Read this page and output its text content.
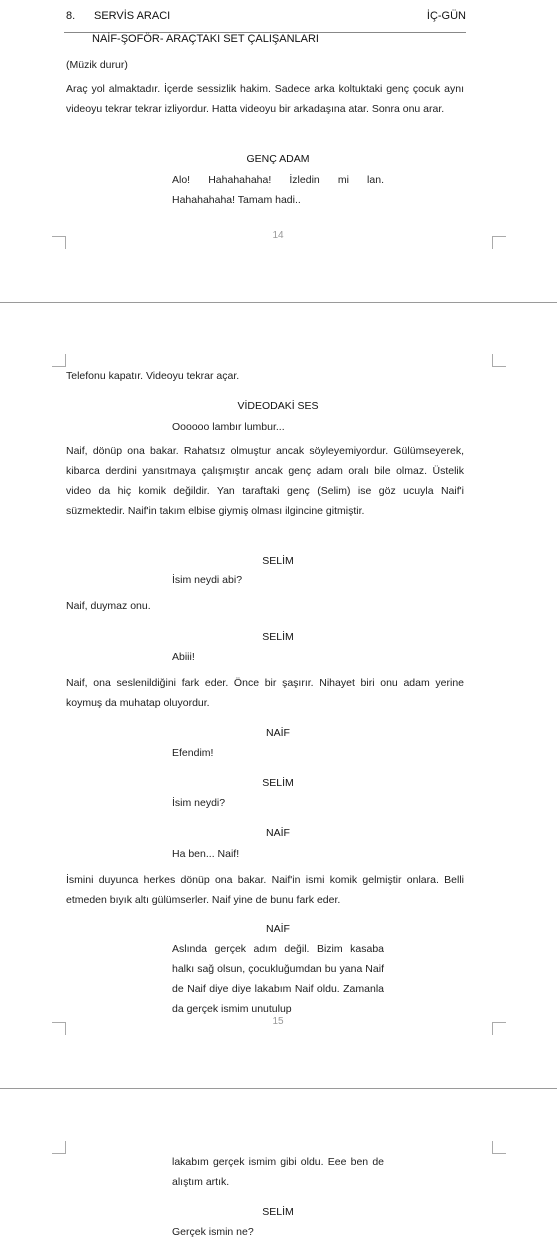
8. SERVİS ARACI	İÇ-GÜN
NAİF-ŞOFÖR- ARAÇTAKI SET ÇALIŞANLARI
(Müzik durur)
Araç yol almaktadır. İçerde sessizlik hakim. Sadece arka koltuktaki genç çocuk aynı videoyu tekrar tekrar izliyordur. Hatta videoyu bir arkadaşına atar. Sonra onu arar.
GENÇ ADAM
Alo! Hahahahaha! İzledin mi lan.
Hahahahaha! Tamam hadi..
14
Telefonu kapatır. Videoyu tekrar açar.
VİDEODAKİ SES
Oooooo lambır lumbur...
Naif, dönüp ona bakar. Rahatsız olmuştur ancak söyleyemiyordur. Gülümseyerek, kibarca derdini yansıtmaya çalışmıştır ancak genç adam oralı bile olmaz. Üstelik video da hiç komik değildir. Yan taraftaki genç (Selim) ise göz ucuyla Naif'i süzmektedir. Naif'in takım elbise giymiş olması ilgincine gitmiştir.
SELİM
İsim neydi abi?
Naif, duymaz onu.
SELİM
Abiii!
Naif, ona seslenildiğini fark eder. Önce bir şaşırır. Nihayet biri onu adam yerine koymuş da muhatap oluyordur.
NAİF
Efendim!
SELİM
İsim neydi?
NAİF
Ha ben... Naif!
İsmini duyunca herkes dönüp ona bakar. Naif'in ismi komik gelmiştir onlara. Belli etmeden bıyık altı gülümserler. Naif yine de bunu fark eder.
NAİF
Aslında gerçek adım değil. Bizim kasaba halkı sağ olsun, çocukluğumdan bu yana Naif de Naif diye diye lakabım Naif oldu. Zamanla da gerçek ismim unutulup
15
lakabım gerçek ismim gibi oldu. Eee ben de alıştım artık.
SELİM
Gerçek ismin ne?
